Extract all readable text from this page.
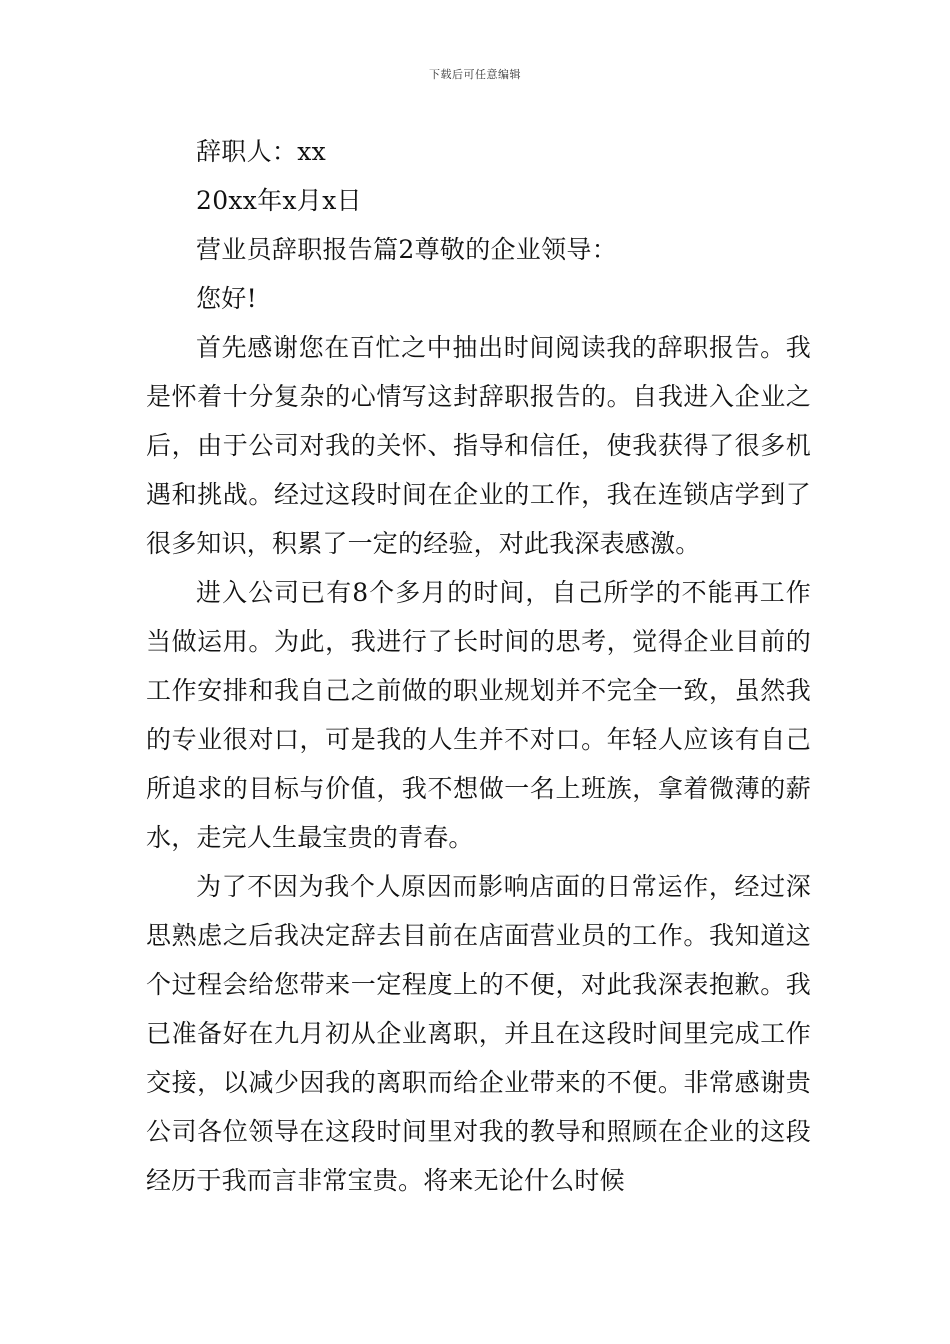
下载后可任意编辑
辞职人：xx
20xx年x月x日
营业员辞职报告篇2尊敬的企业领导：
您好!

首先感谢您在百忙之中抽出时间阅读我的辞职报告。我是怀着十分复杂的心情写这封辞职报告的。自我进入企业之后，由于公司对我的关怀、指导和信任，使我获得了很多机遇和挑战。经过这段时间在企业的工作，我在连锁店学到了很多知识，积累了一定的经验，对此我深表感激。

进入公司已有8个多月的时间，自己所学的不能再工作当做运用。为此，我进行了长时间的思考，觉得企业目前的工作安排和我自己之前做的职业规划并不完全一致，虽然我的专业很对口，可是我的人生并不对口。年轻人应该有自己所追求的目标与价值，我不想做一名上班族，拿着微薄的薪水，走完人生最宝贵的青春。

为了不因为我个人原因而影响店面的日常运作，经过深思熟虑之后我决定辞去目前在店面营业员的工作。我知道这个过程会给您带来一定程度上的不便，对此我深表抱歉。我已准备好在九月初从企业离职，并且在这段时间里完成工作交接，以减少因我的离职而给企业带来的不便。非常感谢贵公司各位领导在这段时间里对我的教导和照顾在企业的这段经历于我而言非常宝贵。将来无论什么时候
